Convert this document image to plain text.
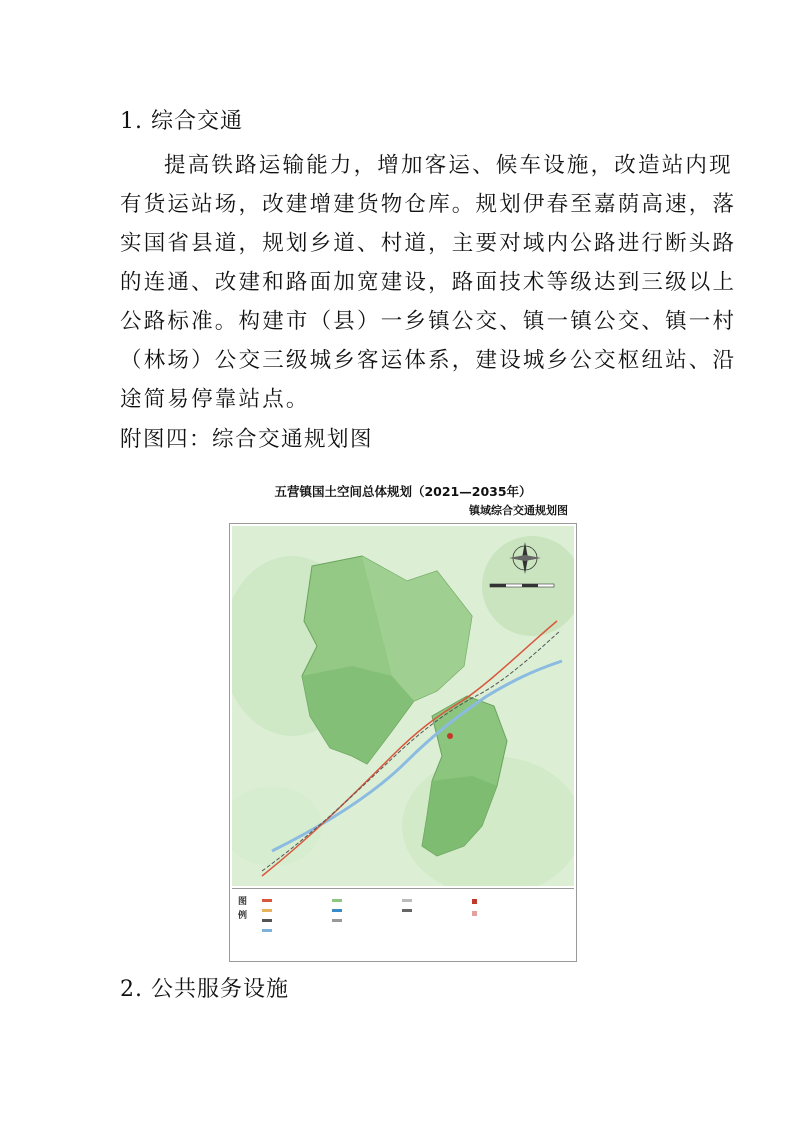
1. 综合交通
提高铁路运输能力，增加客运、候车设施，改造站内现
有货运站场，改建增建货物仓库。规划伊春至嘉荫高速，落
实国省县道，规划乡道、村道，主要对域内公路进行断头路
的连通、改建和路面加宽建设，路面技术等级达到三级以上
公路标准。构建市（县）一乡镇公交、镇一镇公交、镇一村
（林场）公交三级城乡客运体系，建设城乡公交枢纽站、沿
途简易停靠站点。
附图四：综合交通规划图
五营镇国土空间总体规划（2021—2035年）
镇域综合交通规划图
图例
2. 公共服务设施
